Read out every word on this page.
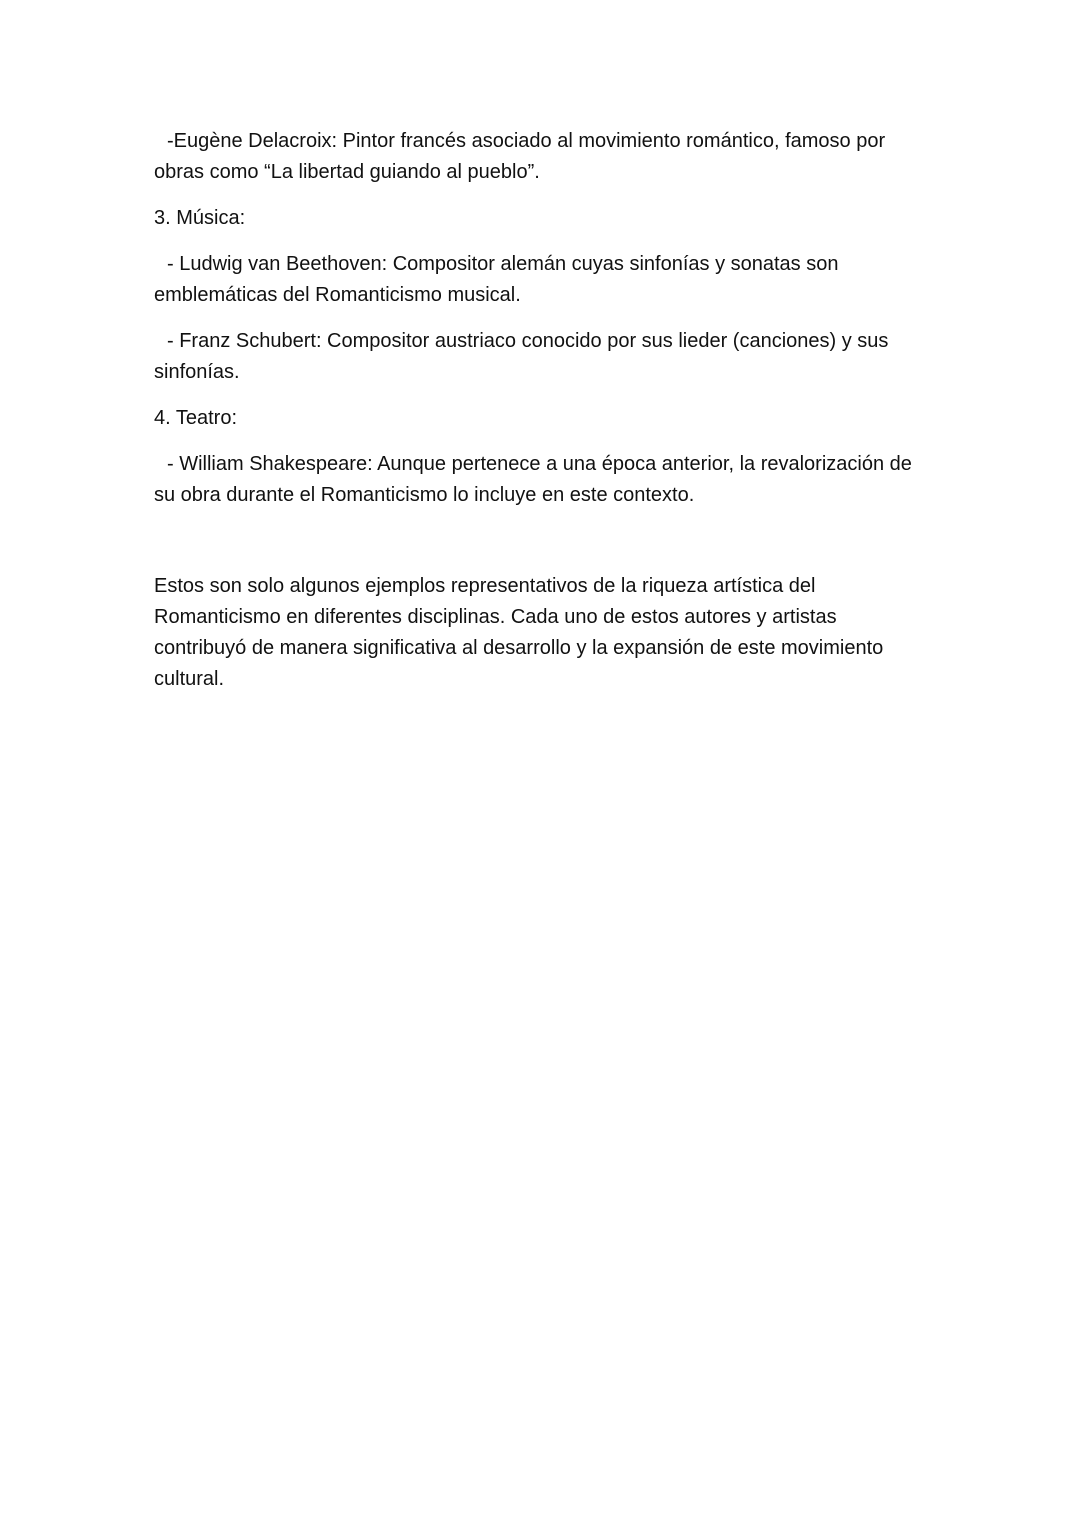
-Eugène Delacroix: Pintor francés asociado al movimiento romántico, famoso por obras como “La libertad guiando al pueblo”.

3. Música:

- Ludwig van Beethoven: Compositor alemán cuyas sinfonías y sonatas son emblemáticas del Romanticismo musical.

- Franz Schubert: Compositor austriaco conocido por sus lieder (canciones) y sus sinfonías.

4. Teatro:

- William Shakespeare: Aunque pertenece a una época anterior, la revalorización de su obra durante el Romanticismo lo incluye en este contexto.

Estos son solo algunos ejemplos representativos de la riqueza artística del Romanticismo en diferentes disciplinas. Cada uno de estos autores y artistas contribuyó de manera significativa al desarrollo y la expansión de este movimiento cultural.
